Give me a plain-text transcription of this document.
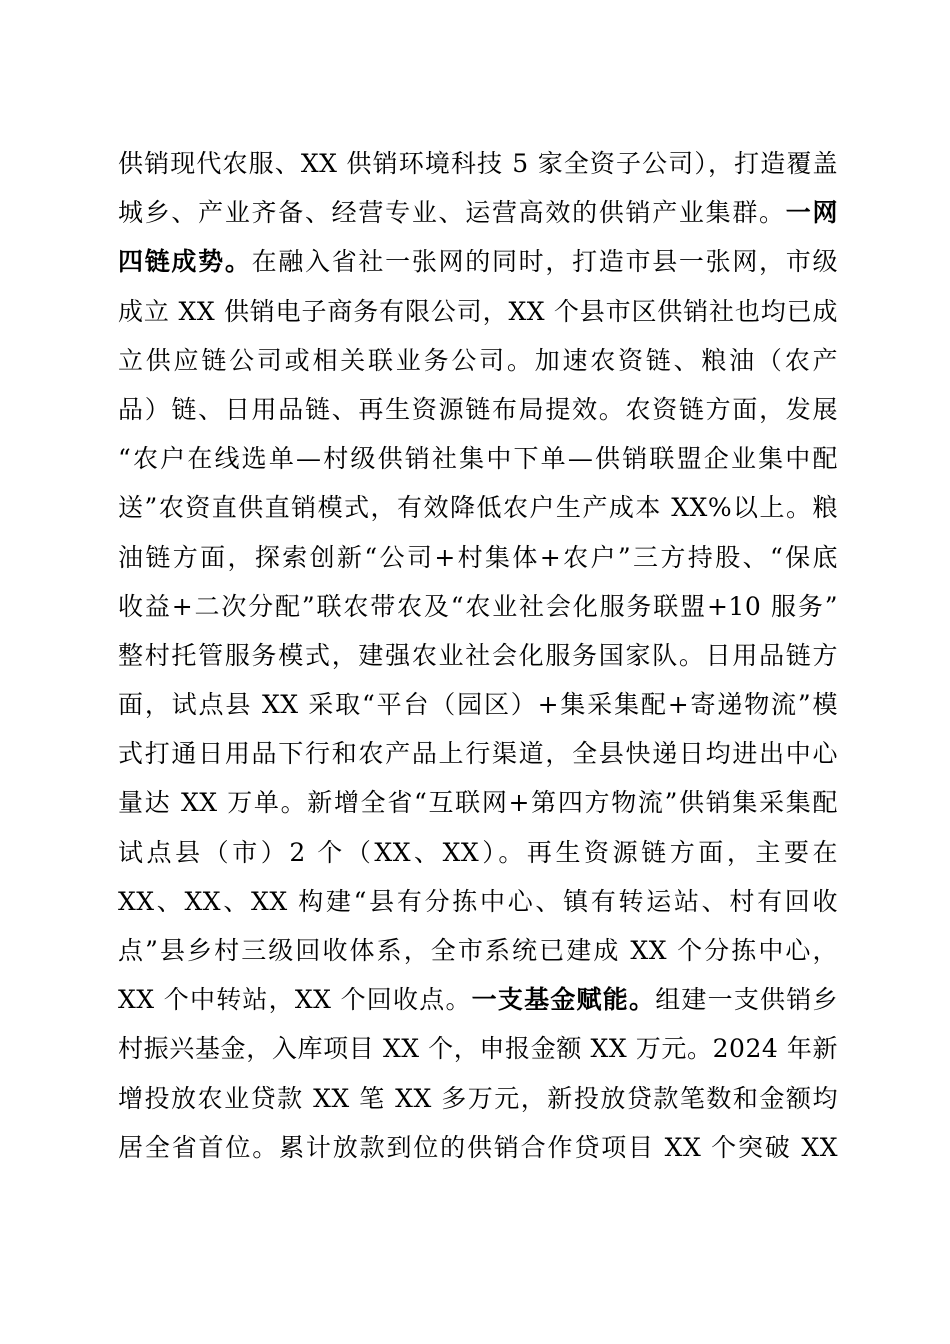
供销现代农服、XX 供销环境科技 5 家全资子公司），打造覆盖
城乡、产业齐备、经营专业、运营高效的供销产业集群。一网
四链成势。在融入省社一张网的同时，打造市县一张网，市级
成立 XX 供销电子商务有限公司，XX 个县市区供销社也均已成
立供应链公司或相关联业务公司。加速农资链、粮油（农产
品）链、日用品链、再生资源链布局提效。农资链方面，发展
“农户在线选单—村级供销社集中下单—供销联盟企业集中配
送”农资直供直销模式，有效降低农户生产成本 XX%以上。粮
油链方面，探索创新“公司+村集体+农户”三方持股、“保底
收益+二次分配”联农带农及“农业社会化服务联盟+10 服务”
整村托管服务模式，建强农业社会化服务国家队。日用品链方
面，试点县 XX 采取“平台（园区）+集采集配+寄递物流”模
式打通日用品下行和农产品上行渠道，全县快递日均进出中心
量达 XX 万单。新增全省“互联网+第四方物流”供销集采集配
试点县（市）2 个（XX、XX）。再生资源链方面，主要在
XX、XX、XX 构建“县有分拣中心、镇有转运站、村有回收
点”县乡村三级回收体系，全市系统已建成 XX 个分拣中心，
XX 个中转站，XX 个回收点。一支基金赋能。组建一支供销乡
村振兴基金，入库项目 XX 个，申报金额 XX 万元。2024 年新
增投放农业贷款 XX 笔 XX 多万元，新投放贷款笔数和金额均
居全省首位。累计放款到位的供销合作贷项目 XX 个突破 XX
